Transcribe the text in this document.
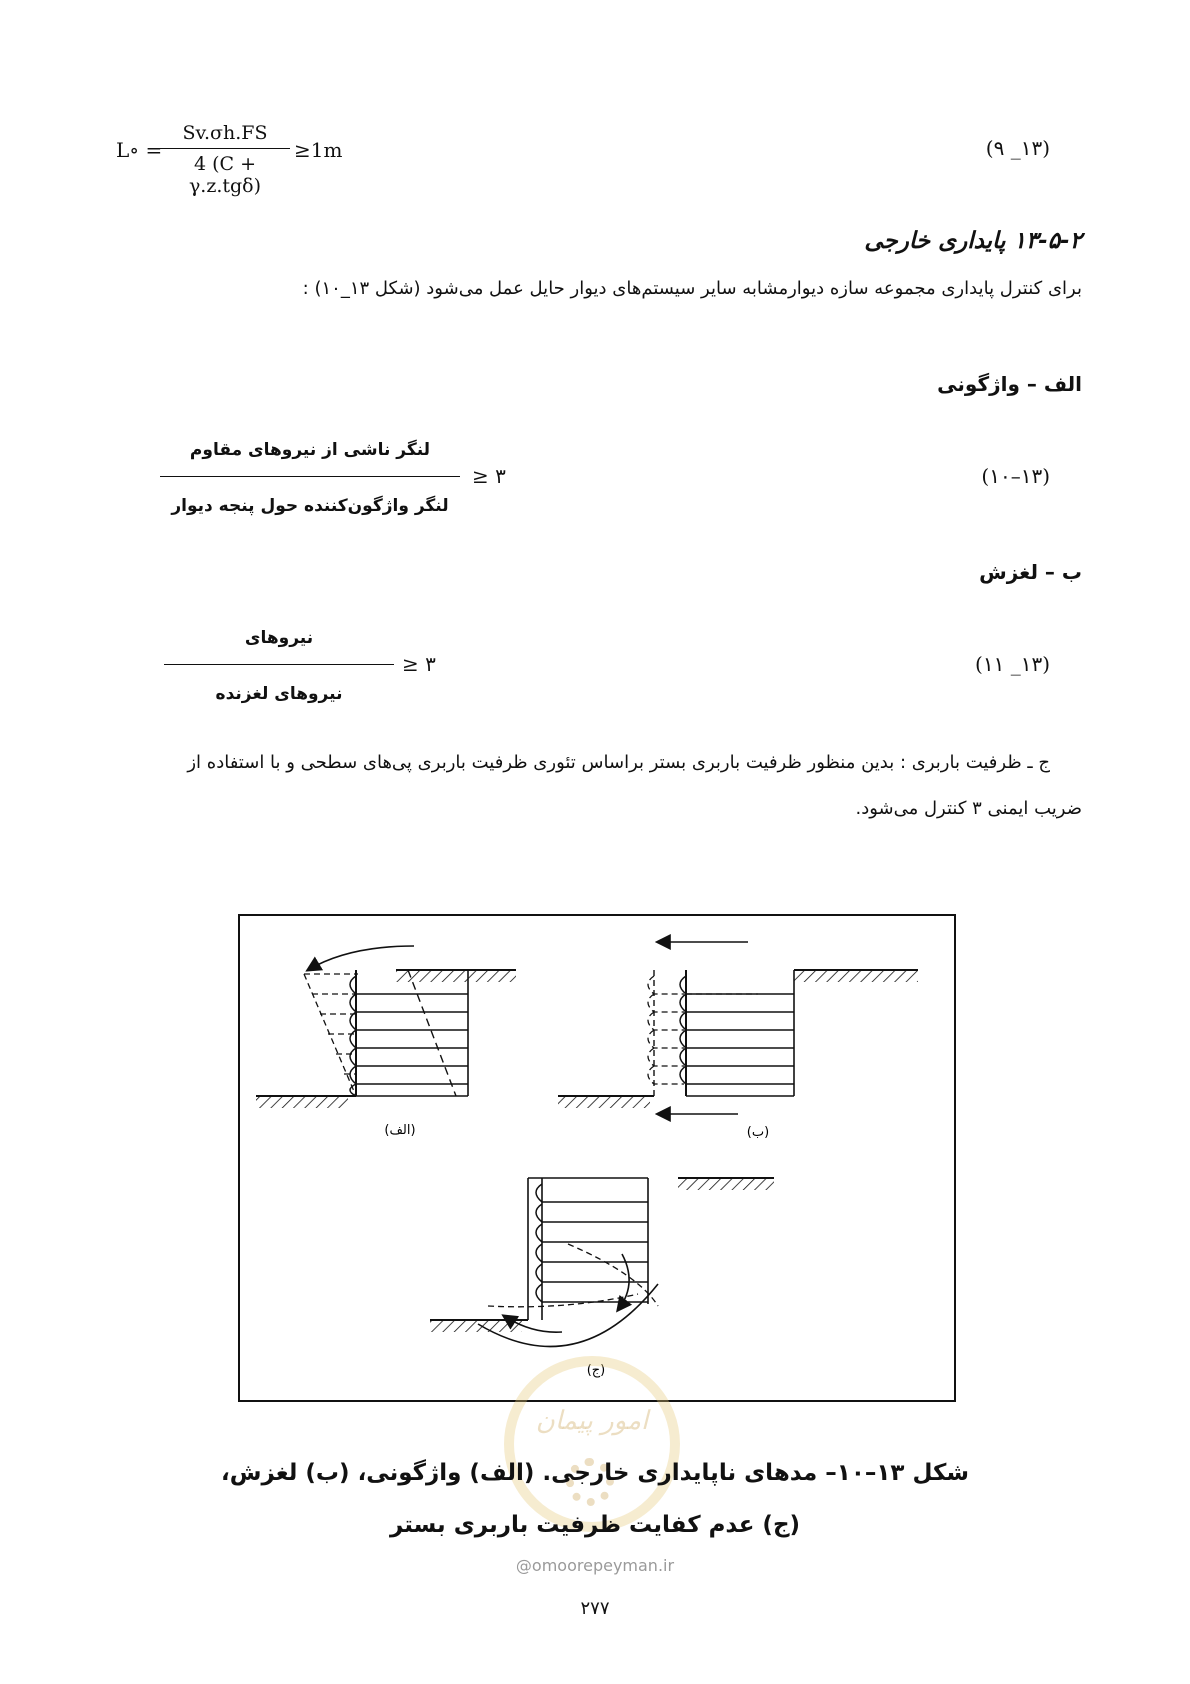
L∘ =
Sv.σh.FS
4 (C + γ.z.tgδ)
≥1m	(۱۳_ ۹)
۱۳-۵-۲ پایداری خارجی
برای کنترل پایداری مجموعه سازه دیوارمشابه سایر سیستم‌های دیوار حایل عمل می‌شود (شکل ۱۳_۱۰) :
الف – واژگونی
لنگر ناشی از نیروهای مقاوم
لنگر واژگون‌کننده حول پنجه دیوار
≥ ۳	(۱۳–۱۰)
ب – لغزش
نیروهای
نیروهای لغزنده
≥ ۳	(۱۳_ ۱۱)
ج ـ ظرفیت باربری : بدین منظور ظرفیت باربری بستر براساس تئوری ظرفیت باربری پی‌های سطحی و با استفاده از
ضریب ایمنی ۳ کنترل می‌شود.
(الف)	(ب)
(ج)
امور پیمان
شکل ۱۳–۱۰– مدهای ناپایداری خارجی. (الف) واژگونی، (ب) لغزش،
(ج) عدم کفایت ظرفیت باربری بستر
@omoorepeyman.ir
۲۷۷
